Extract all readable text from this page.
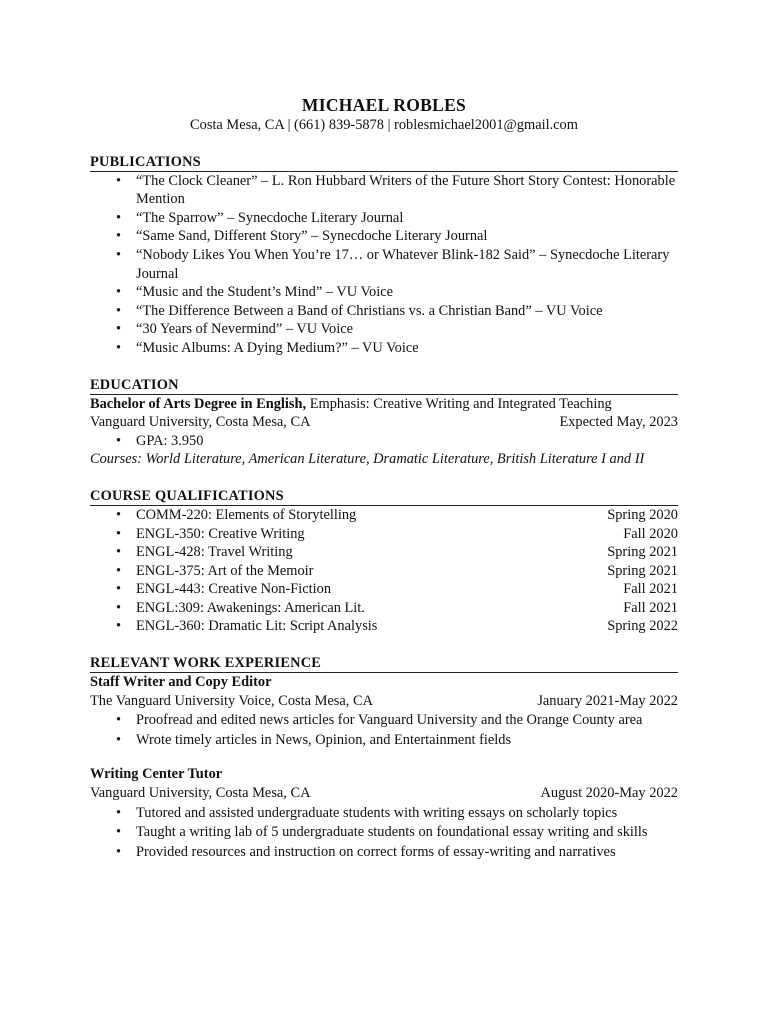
MICHAEL ROBLES

Costa Mesa, CA | (661) 839-5878 | roblesmichael2001@gmail.com

PUBLICATIONS

• “The Clock Cleaner” – L. Ron Hubbard Writers of the Future Short Story Contest: Honorable Mention
• “The Sparrow” – Synecdoche Literary Journal
• “Same Sand, Different Story” – Synecdoche Literary Journal
• “Nobody Likes You When You’re 17… or Whatever Blink-182 Said” – Synecdoche Literary Journal
• “Music and the Student’s Mind” – VU Voice
• “The Difference Between a Band of Christians vs. a Christian Band” – VU Voice
• “30 Years of Nevermind” – VU Voice
• “Music Albums: A Dying Medium?” – VU Voice

EDUCATION

Bachelor of Arts Degree in English, Emphasis: Creative Writing and Integrated Teaching
Vanguard University, Costa Mesa, CA	Expected May, 2023
• GPA: 3.950
Courses: World Literature, American Literature, Dramatic Literature, British Literature I and II

COURSE QUALIFICATIONS

• COMM-220: Elements of Storytelling	Spring 2020
• ENGL-350: Creative Writing	Fall 2020
• ENGL-428: Travel Writing	Spring 2021
• ENGL-375: Art of the Memoir	Spring 2021
• ENGL-443: Creative Non-Fiction	Fall 2021
• ENGL:309: Awakenings: American Lit.	Fall 2021
• ENGL-360: Dramatic Lit: Script Analysis	Spring 2022

RELEVANT WORK EXPERIENCE

Staff Writer and Copy Editor
The Vanguard University Voice, Costa Mesa, CA	January 2021-May 2022
• Proofread and edited news articles for Vanguard University and the Orange County area
• Wrote timely articles in News, Opinion, and Entertainment fields
Writing Center Tutor
Vanguard University, Costa Mesa, CA	August 2020-May 2022
• Tutored and assisted undergraduate students with writing essays on scholarly topics
• Taught a writing lab of 5 undergraduate students on foundational essay writing and skills
• Provided resources and instruction on correct forms of essay-writing and narratives
